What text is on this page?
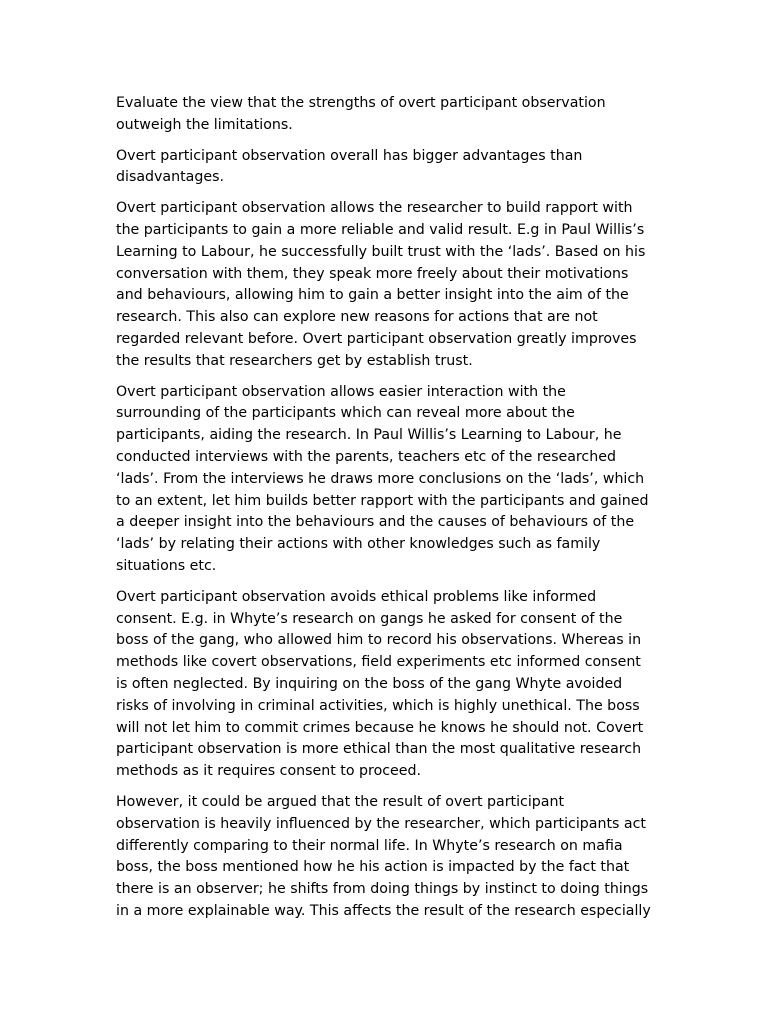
Evaluate the view that the strengths of overt participant observation
outweigh the limitations.

Overt participant observation overall has bigger advantages than
disadvantages.

Overt participant observation allows the researcher to build rapport with
the participants to gain a more reliable and valid result. E.g in Paul Willis’s
Learning to Labour, he successfully built trust with the ‘lads’. Based on his
conversation with them, they speak more freely about their motivations
and behaviours, allowing him to gain a better insight into the aim of the
research. This also can explore new reasons for actions that are not
regarded relevant before. Overt participant observation greatly improves
the results that researchers get by establish trust.

Overt participant observation allows easier interaction with the
surrounding of the participants which can reveal more about the
participants, aiding the research. In Paul Willis’s Learning to Labour, he
conducted interviews with the parents, teachers etc of the researched
‘lads’. From the interviews he draws more conclusions on the ‘lads’, which
to an extent, let him builds better rapport with the participants and gained
a deeper insight into the behaviours and the causes of behaviours of the
‘lads’ by relating their actions with other knowledges such as family
situations etc.

Overt participant observation avoids ethical problems like informed
consent. E.g. in Whyte’s research on gangs he asked for consent of the
boss of the gang, who allowed him to record his observations. Whereas in
methods like covert observations, field experiments etc informed consent
is often neglected. By inquiring on the boss of the gang Whyte avoided
risks of involving in criminal activities, which is highly unethical. The boss
will not let him to commit crimes because he knows he should not. Covert
participant observation is more ethical than the most qualitative research
methods as it requires consent to proceed.

However, it could be argued that the result of overt participant
observation is heavily influenced by the researcher, which participants act
differently comparing to their normal life. In Whyte’s research on mafia
boss, the boss mentioned how he his action is impacted by the fact that
there is an observer; he shifts from doing things by instinct to doing things
in a more explainable way. This affects the result of the research especially
